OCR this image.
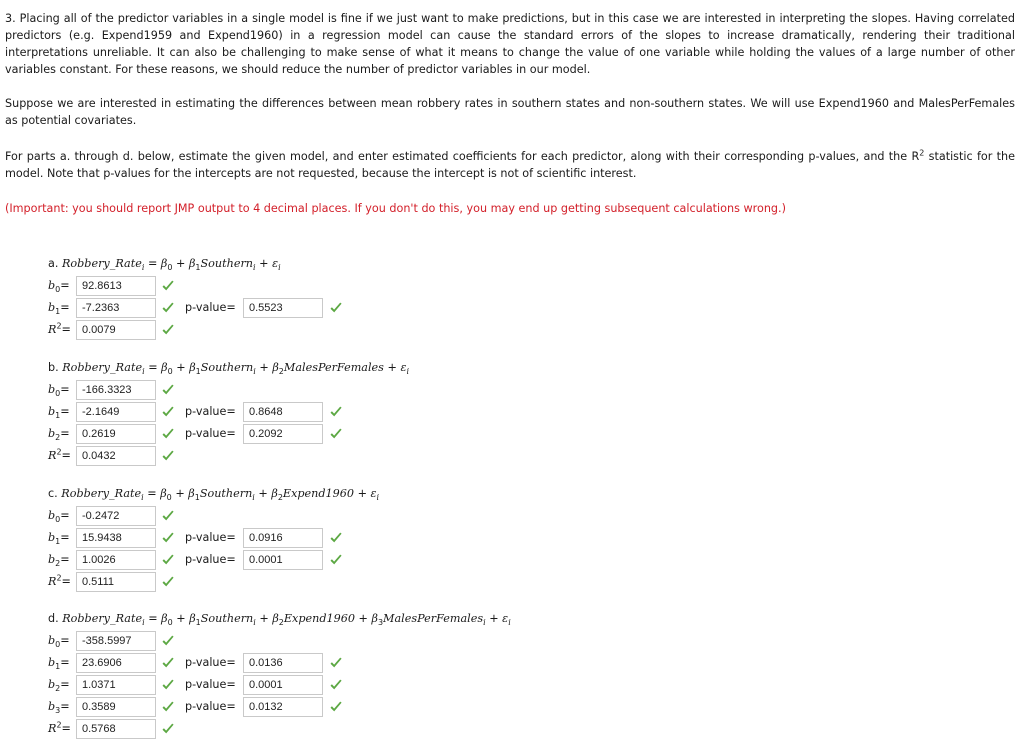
3. Placing all of the predictor variables in a single model is fine if we just want to make predictions, but in this case we are interested in interpreting the slopes. Having correlated predictors (e.g. Expend1959 and Expend1960) in a regression model can cause the standard errors of the slopes to increase dramatically, rendering their traditional interpretations unreliable. It can also be challenging to make sense of what it means to change the value of one variable while holding the values of a large number of other variables constant. For these reasons, we should reduce the number of predictor variables in our model.

Suppose we are interested in estimating the differences between mean robbery rates in southern states and non-southern states. We will use Expend1960 and MalesPerFemales as potential covariates.

For parts a. through d. below, estimate the given model, and enter estimated coefficients for each predictor, along with their corresponding p-values, and the $R^2$ statistic for the model. Note that p-values for the intercepts are not requested, because the intercept is not of scientific interest.

(Important: you should report JMP output to 4 decimal places. If you don't do this, you may end up getting subsequent calculations wrong.)

a. Robbery_Rate$_i$ = $\beta_0$ + $\beta_1Southern_i + \varepsilon_i$
$b_0=$	92.8613
$b_1=$	-7.2363	p-value=	0.5523
$R^2=$	0.0079
b. Robbery_Rate$_i$ = $\beta_0$ + $\beta_1Southern_i$ + $\beta_2MalesPerFemales + \varepsilon_i$
$b_0=$	-166.3323
$b_1=$	-2.1649	p-value=	0.8648
$b_2=$	0.2619	p-value=	0.2092
$R^2=$	0.0432
c. Robbery_Rate$_i$ = $\beta_0$ + $\beta_1Southern_i$ + $\beta_2Expend1960 + \varepsilon_i$
$b_0=$	-0.2472
$b_1=$	15.9438	p-value=	0.0916
$b_2=$	1.0026	p-value=	0.0001
$R^2=$	0.5111
d. Robbery_Rate$_i$ = $\beta_0$ + $\beta_1Southern_i$ + $\beta_2Expend1960$ + $\beta_3MalesPerFemales_i + \varepsilon_i$
$b_0=$	-358.5997
$b_1=$	23.6906	p-value=	0.0136
$b_2=$	1.0371	p-value=	0.0001
$b_3=$	0.3589	p-value=	0.0132
$R^2=$	0.5768
